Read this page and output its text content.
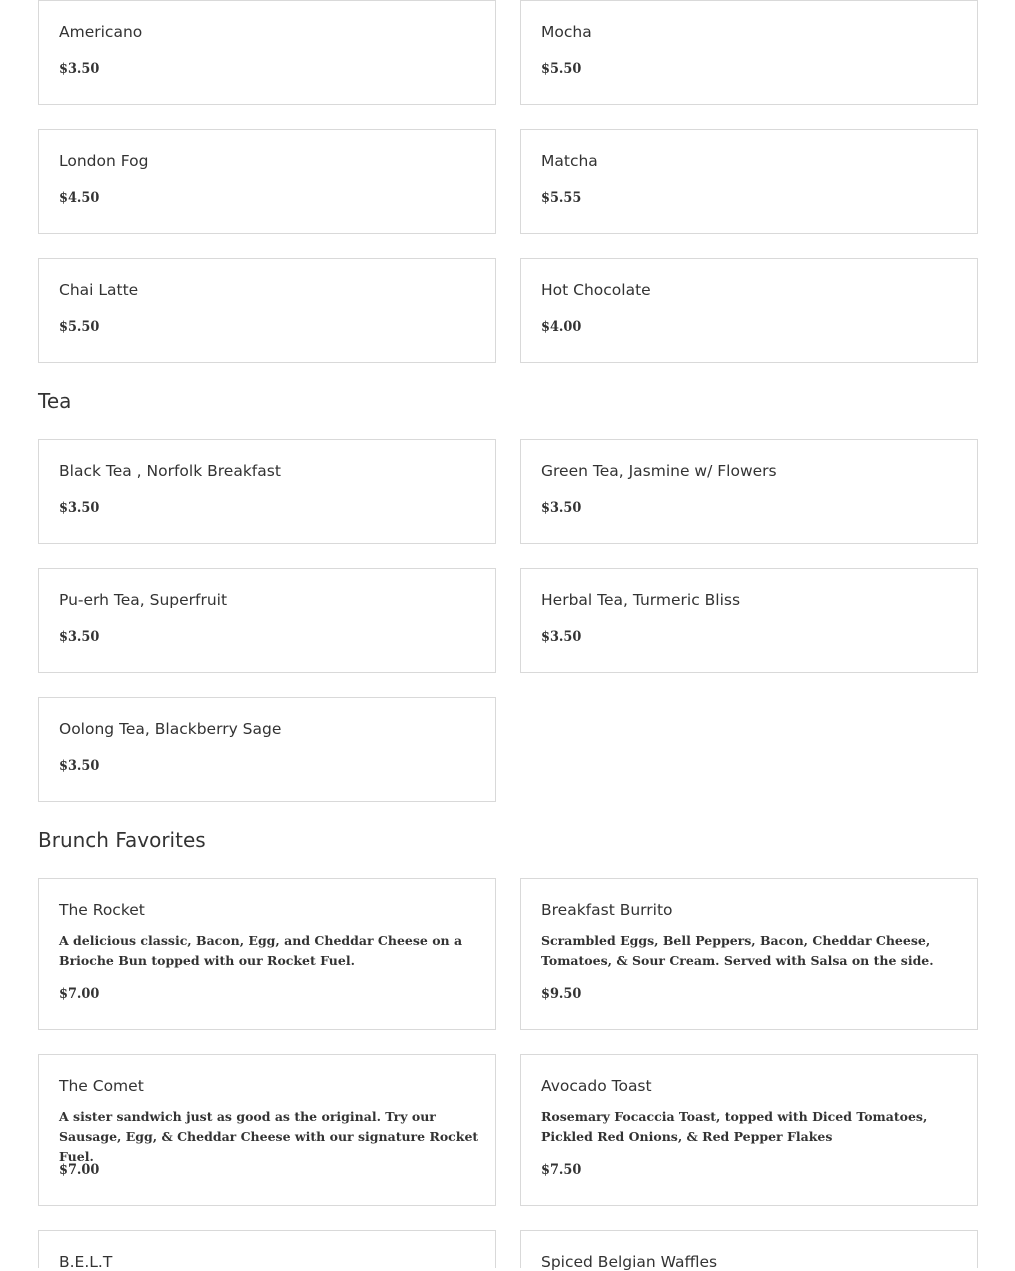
Americano
$3.50
Mocha
$5.50
London Fog
$4.50
Matcha
$5.55
Chai Latte
$5.50
Hot Chocolate
$4.00
Tea
Black Tea , Norfolk Breakfast
$3.50
Green Tea, Jasmine w/ Flowers
$3.50
Pu-erh Tea, Superfruit
$3.50
Herbal Tea, Turmeric Bliss
$3.50
Oolong Tea, Blackberry Sage
$3.50
Brunch Favorites
The Rocket
A delicious classic, Bacon, Egg, and Cheddar Cheese on a Brioche Bun topped with our Rocket Fuel.
$7.00
Breakfast Burrito
Scrambled Eggs, Bell Peppers, Bacon, Cheddar Cheese, Tomatoes, & Sour Cream. Served with Salsa on the side.
$9.50
The Comet
A sister sandwich just as good as the original. Try our Sausage, Egg, & Cheddar Cheese with our signature Rocket Fuel.
$7.00
Avocado Toast
Rosemary Focaccia Toast, topped with Diced Tomatoes, Pickled Red Onions, & Red Pepper Flakes
$7.50
B.E.L.T	Spiced Belgian Waffles
